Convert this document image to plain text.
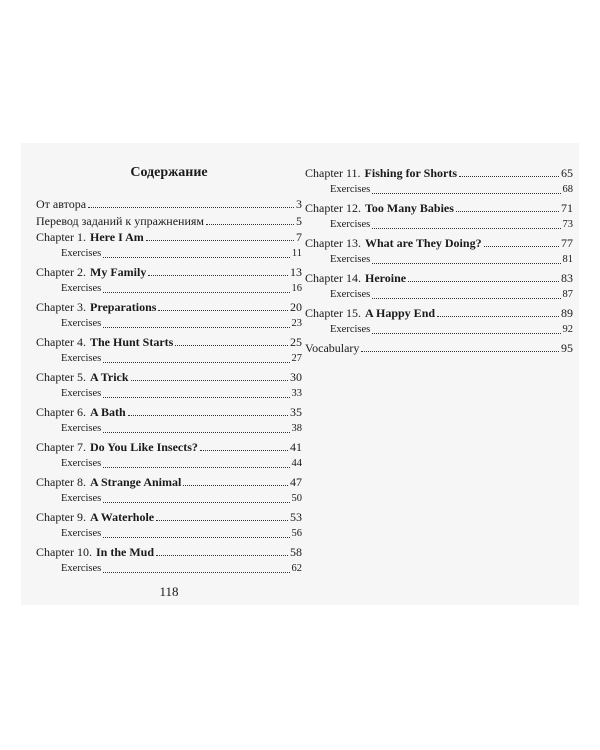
Содержание
От автора	3
Перевод заданий к упражнениям	5
Chapter 1. Here I Am	7
Exercises	11
Chapter 2. My Family	13
Exercises	16
Chapter 3. Preparations	20
Exercises	23
Chapter 4. The Hunt Starts	25
Exercises	27
Chapter 5. A Trick	30
Exercises	33
Chapter 6. A Bath	35
Exercises	38
Chapter 7. Do You Like Insects?	41
Exercises	44
Chapter 8. A Strange Animal	47
Exercises	50
Chapter 9. A Waterhole	53
Exercises	56
Chapter 10. In the Mud	58
Exercises	62
Chapter 11. Fishing for Shorts	65
Exercises	68
Chapter 12. Too Many Babies	71
Exercises	73
Chapter 13. What are They Doing?	77
Exercises	81
Chapter 14. Heroine	83
Exercises	87
Chapter 15. A Happy End	89
Exercises	92
Vocabulary	95
118
